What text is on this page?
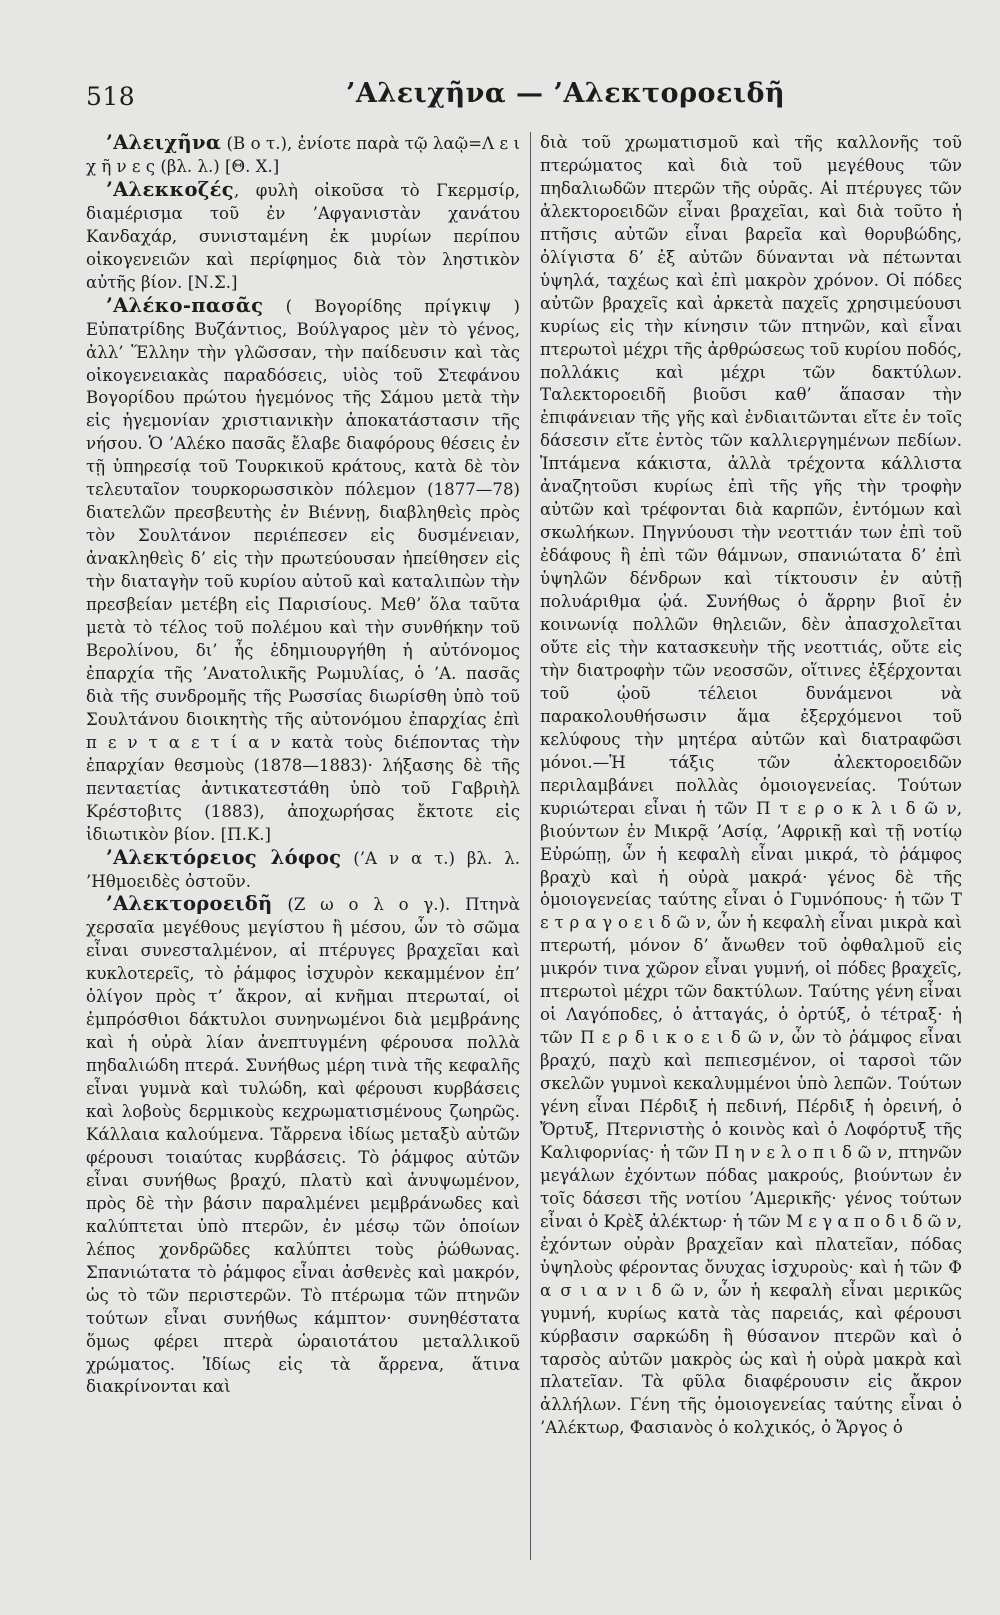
518	’Αλειχῆνα — ’Αλεκτοροειδῆ

’Αλειχῆνα (Β ο τ.), ἐνίοτε παρὰ τῷ λαῷ=Λ ε ι χ ῆ ν ε ς (βλ. λ.) [Θ. Χ.]

’Αλεκκοζές, φυλὴ οἰκοῦσα τὸ Γκερμσίρ, διαμέρισμα τοῦ ἐν ’Αφγανιστὰν χανάτου Κανδαχάρ, συνισταμένη ἐκ μυρίων περίπου οἰκογενειῶν καὶ περίφημος διὰ τὸν ληστικὸν αὐτῆς βίον. [Ν.Σ.]

’Αλέκο-πασᾶς ( Βογορίδης πρίγκιψ ) Εὐπατρίδης Βυζάντιος, Βούλγαρος μὲν τὸ γένος, ἀλλ’ Ἕλλην τὴν γλῶσσαν, τὴν παίδευσιν καὶ τὰς οἰκογενειακὰς παραδόσεις, υἱὸς τοῦ Στεφάνου Βογορίδου πρώτου ἡγεμόνος τῆς Σάμου μετὰ τὴν εἰς ἡγεμονίαν χριστιανικὴν ἀποκατάστασιν τῆς νήσου. Ὁ ’Αλέκο πασᾶς ἔλαβε διαφόρους θέσεις ἐν τῇ ὑπηρεσίᾳ τοῦ Τουρκικοῦ κράτους, κατὰ δὲ τὸν τελευταῖον τουρκορωσσικὸν πόλεμον (1877—78) διατελῶν πρεσβευτὴς ἐν Βιέννῃ, διαβληθεὶς πρὸς τὸν Σουλτάνον περιέπεσεν εἰς δυσμένειαν, ἀνακληθεὶς δ’ εἰς τὴν πρωτεύουσαν ἠπείθησεν εἰς τὴν διαταγὴν τοῦ κυρίου αὐτοῦ καὶ καταλιπὼν τὴν πρεσβείαν μετέβη εἰς Παρισίους. Μεθ’ ὅλα ταῦτα μετὰ τὸ τέλος τοῦ πολέμου καὶ τὴν συνθήκην τοῦ Βερολίνου, δι’ ἧς ἐδημιουργήθη ἡ αὐτόνομος ἐπαρχία τῆς ’Ανατολικῆς Ρωμυλίας, ὁ ’Α. πασᾶς διὰ τῆς συνδρομῆς τῆς Ρωσσίας διωρίσθη ὑπὸ τοῦ Σουλτάνου διοικητὴς τῆς αὐτονόμου ἐπαρχίας ἐπὶ π ε ν τ α ε τ ί α ν κατὰ τοὺς διέποντας τὴν ἐπαρχίαν θεσμοὺς (1878—1883)· λήξασης δὲ τῆς πενταετίας ἀντικατεστάθη ὑπὸ τοῦ Γαβριὴλ Κρέστοβιτς (1883), ἀποχωρήσας ἔκτοτε εἰς ἰδιωτικὸν βίον. [Π.Κ.]

’Αλεκτόρειος λόφος (’Α ν α τ.) βλ. λ. ’Ηθμοειδὲς ὀστοῦν.

’Αλεκτοροειδῆ (Ζ ω ο λ ο γ.). Πτηνὰ χερσαῖα μεγέθους μεγίστου ἢ μέσου, ὧν τὸ σῶμα εἶναι συνεσταλμένον, αἱ πτέρυγες βραχεῖαι καὶ κυκλοτερεῖς, τὸ ῥάμφος ἰσχυρὸν κεκαμμένον ἐπ’ ὀλίγον πρὸς τ’ ἄκρον, αἱ κνῆμαι πτερωταί, οἱ ἐμπρόσθιοι δάκτυλοι συνηνωμένοι διὰ μεμβράνης καὶ ἡ οὐρὰ λίαν ἀνεπτυγμένη φέρουσα πολλὰ πηδαλιώδη πτερά. Συνήθως μέρη τινὰ τῆς κεφαλῆς εἶναι γυμνὰ καὶ τυλώδη, καὶ φέρουσι κυρβάσεις καὶ λοβοὺς δερμικοὺς κεχρωματισμένους ζωηρῶς. Κάλλαια καλούμενα. Τἄρρενα ἰδίως μεταξὺ αὐτῶν φέρουσι τοιαύτας κυρβάσεις. Τὸ ῥάμφος αὐτῶν εἶναι συνήθως βραχύ, πλατὺ καὶ ἀνυψωμένον, πρὸς δὲ τὴν βάσιν παραλμένει μεμβράνωδες καὶ καλύπτεται ὑπὸ πτερῶν, ἐν μέσῳ τῶν ὁποίων λέπος χονδρῶδες καλύπτει τοὺς ῥώθωνας. Σπανιώτατα τὸ ῥάμφος εἶναι ἀσθενὲς καὶ μακρόν, ὡς τὸ τῶν περιστερῶν. Τὸ πτέρωμα τῶν πτηνῶν τούτων εἶναι συνήθως κάμπτον· συνηθέστατα ὅμως φέρει πτερὰ ὡραιοτάτου μεταλλικοῦ χρώματος. Ἰδίως εἰς τὰ ἄρρενα, ἅτινα διακρίνονται καὶ

διὰ τοῦ χρωματισμοῦ καὶ τῆς καλλονῆς τοῦ πτερώματος καὶ διὰ τοῦ μεγέθους τῶν πηδαλιωδῶν πτερῶν τῆς οὐρᾶς. Αἱ πτέρυγες τῶν ἀλεκτοροειδῶν εἶναι βραχεῖαι, καὶ διὰ τοῦτο ἡ πτῆσις αὐτῶν εἶναι βαρεῖα καὶ θορυβώδης, ὀλίγιστα δ’ ἐξ αὐτῶν δύνανται νὰ πέτωνται ὑψηλά, ταχέως καὶ ἐπὶ μακρὸν χρόνον. Οἱ πόδες αὐτῶν βραχεῖς καὶ ἀρκετὰ παχεῖς χρησιμεύουσι κυρίως εἰς τὴν κίνησιν τῶν πτηνῶν, καὶ εἶναι πτερωτοὶ μέχρι τῆς ἀρθρώσεως τοῦ κυρίου ποδός, πολλάκις καὶ μέχρι τῶν δακτύλων. Ταλεκτοροειδῆ βιοῦσι καθ’ ἅπασαν τὴν ἐπιφάνειαν τῆς γῆς καὶ ἐνδιαιτῶνται εἴτε ἐν τοῖς δάσεσιν εἴτε ἐντὸς τῶν καλλιεργημένων πεδίων. Ἱπτάμενα κάκιστα, ἀλλὰ τρέχοντα κάλλιστα ἀναζητοῦσι κυρίως ἐπὶ τῆς γῆς τὴν τροφὴν αὐτῶν καὶ τρέφονται διὰ καρπῶν, ἐντόμων καὶ σκωλήκων. Πηγνύουσι τὴν νεοττιάν των ἐπὶ τοῦ ἐδάφους ἢ ἐπὶ τῶν θάμνων, σπανιώτατα δ’ ἐπὶ ὑψηλῶν δένδρων καὶ τίκτουσιν ἐν αὐτῇ πολυάριθμα ᾠά. Συνήθως ὁ ἄρρην βιοῖ ἐν κοινωνίᾳ πολλῶν θηλειῶν, δὲν ἀπασχολεῖται οὔτε εἰς τὴν κατασκευὴν τῆς νεοττιάς, οὔτε εἰς τὴν διατροφὴν τῶν νεοσσῶν, οἵτινες ἐξέρχονται τοῦ ᾠοῦ τέλειοι δυνάμενοι νὰ παρακολουθήσωσιν ἅμα ἐξερχόμενοι τοῦ κελύφους τὴν μητέρα αὐτῶν καὶ διατραφῶσι μόνοι.—Ἡ τάξις τῶν ἀλεκτοροειδῶν περιλαμβάνει πολλὰς ὁμοιογενείας. Τούτων κυριώτεραι εἶναι ἡ τῶν Π τ ε ρ ο κ λ ι δ ῶ ν, βιούντων ἐν Μικρᾷ ’Ασίᾳ, ’Αφρικῇ καὶ τῇ νοτίῳ Εὐρώπῃ, ὧν ἡ κεφαλὴ εἶναι μικρά, τὸ ῥάμφος βραχὺ καὶ ἡ οὐρὰ μακρά· γένος δὲ τῆς ὁμοιογενείας ταύτης εἶναι ὁ Γυμνόπους· ἡ τῶν Τ ε τ ρ α γ ο ε ι δ ῶ ν, ὧν ἡ κεφαλὴ εἶναι μικρὰ καὶ πτερωτή, μόνον δ’ ἄνωθεν τοῦ ὀφθαλμοῦ εἰς μικρόν τινα χῶρον εἶναι γυμνή, οἱ πόδες βραχεῖς, πτερωτοὶ μέχρι τῶν δακτύλων. Ταύτης γένη εἶναι οἱ Λαγόποδες, ὁ ἀτταγάς, ὁ ὀρτύξ, ὁ τέτραξ· ἡ τῶν Π ε ρ δ ι κ ο ε ι δ ῶ ν, ὧν τὸ ῥάμφος εἶναι βραχύ, παχὺ καὶ πεπιεσμένον, οἱ ταρσοὶ τῶν σκελῶν γυμνοὶ κεκαλυμμένοι ὑπὸ λεπῶν. Τούτων γένη εἶναι Πέρδιξ ἡ πεδινή, Πέρδιξ ἡ ὀρεινή, ὁ Ὄρτυξ, Πτερνιστὴς ὁ κοινὸς καὶ ὁ Λοφόρτυξ τῆς Καλιφορνίας· ἡ τῶν Π η ν ε λ ο π ι δ ῶ ν, πτηνῶν μεγάλων ἐχόντων πόδας μακρούς, βιούντων ἐν τοῖς δάσεσι τῆς νοτίου ’Αμερικῆς· γένος τούτων εἶναι ὁ Κρὲξ ἀλέκτωρ· ἡ τῶν Μ ε γ α π ο δ ι δ ῶ ν, ἐχόντων οὐρὰν βραχεῖαν καὶ πλατεῖαν, πόδας ὑψηλοὺς φέροντας ὄνυχας ἰσχυροὺς· καὶ ἡ τῶν Φ α σ ι α ν ι δ ῶ ν, ὧν ἡ κεφαλὴ εἶναι μερικῶς γυμνή, κυρίως κατὰ τὰς παρειάς, καὶ φέρουσι κύρβασιν σαρκώδη ἢ θύσανον πτερῶν καὶ ὁ ταρσὸς αὐτῶν μακρὸς ὡς καὶ ἡ οὐρὰ μακρὰ καὶ πλατεῖαν. Τὰ φῦλα διαφέρουσιν εἰς ἄκρον ἀλλήλων. Γένη τῆς ὁμοιογενείας ταύτης εἶναι ὁ ’Αλέκτωρ, Φασιανὸς ὁ κολχικός, ὁ Ἄργος ὁ
